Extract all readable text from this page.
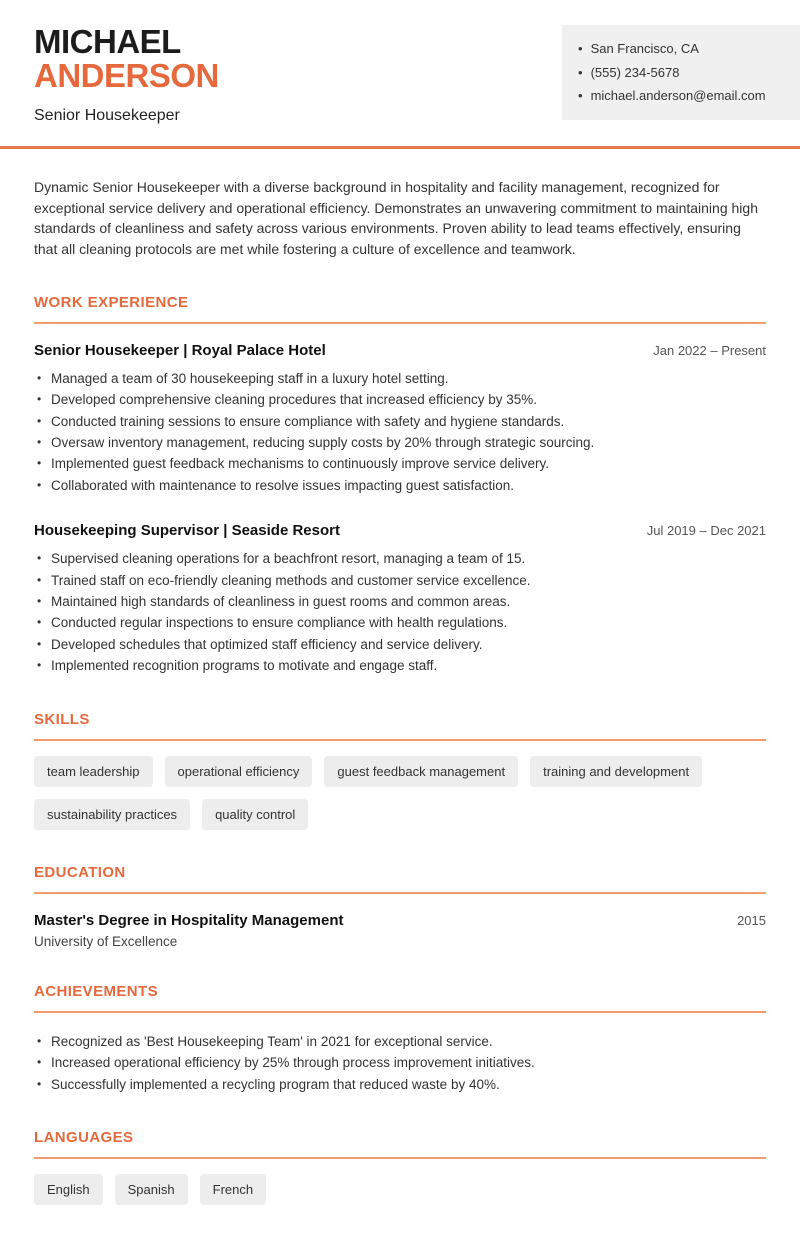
MICHAEL
ANDERSON
Senior Housekeeper
• San Francisco, CA
• (555) 234-5678
• michael.anderson@email.com

Dynamic Senior Housekeeper with a diverse background in hospitality and facility management, recognized for exceptional service delivery and operational efficiency. Demonstrates an unwavering commitment to maintaining high standards of cleanliness and safety across various environments. Proven ability to lead teams effectively, ensuring that all cleaning protocols are met while fostering a culture of excellence and teamwork.

WORK EXPERIENCE
Senior Housekeeper | Royal Palace Hotel	Jan 2022 – Present
• Managed a team of 30 housekeeping staff in a luxury hotel setting.
• Developed comprehensive cleaning procedures that increased efficiency by 35%.
• Conducted training sessions to ensure compliance with safety and hygiene standards.
• Oversaw inventory management, reducing supply costs by 20% through strategic sourcing.
• Implemented guest feedback mechanisms to continuously improve service delivery.
• Collaborated with maintenance to resolve issues impacting guest satisfaction.
Housekeeping Supervisor | Seaside Resort	Jul 2019 – Dec 2021
• Supervised cleaning operations for a beachfront resort, managing a team of 15.
• Trained staff on eco-friendly cleaning methods and customer service excellence.
• Maintained high standards of cleanliness in guest rooms and common areas.
• Conducted regular inspections to ensure compliance with health regulations.
• Developed schedules that optimized staff efficiency and service delivery.
• Implemented recognition programs to motivate and engage staff.
SKILLS
team leadership	operational efficiency	guest feedback management	training and development
sustainability practices	quality control
EDUCATION
Master's Degree in Hospitality Management	2015
University of Excellence
ACHIEVEMENTS
• Recognized as 'Best Housekeeping Team' in 2021 for exceptional service.
• Increased operational efficiency by 25% through process improvement initiatives.
• Successfully implemented a recycling program that reduced waste by 40%.
LANGUAGES
English	Spanish	French
